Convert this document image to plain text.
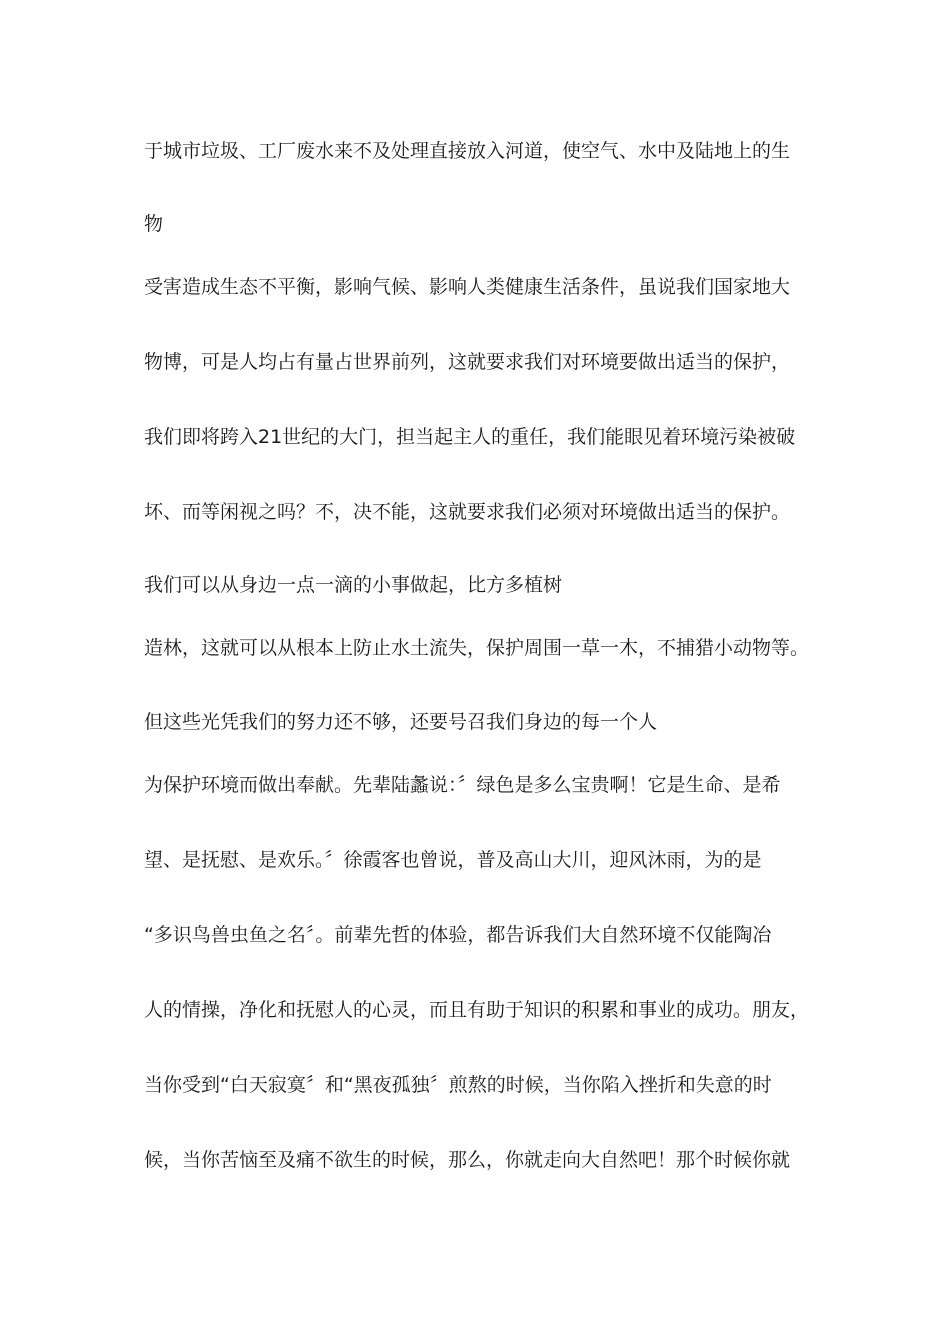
于城市垃圾、工厂废水来不及处理直接放入河道，使空气、水中及陆地上的生

物

受害造成生态不平衡，影响气候、影响人类健康生活条件，虽说我们国家地大

物博，可是人均占有量占世界前列，这就要求我们对环境要做出适当的保护，

我们即将跨入21世纪的大门，担当起主人的重任，我们能眼见着环境污染被破

坏、而等闲视之吗？不，决不能，这就要求我们必须对环境做出适当的保护。

我们可以从身边一点一滴的小事做起，比方多植树

造林，这就可以从根本上防止水土流失，保护周围一草一木，不捕猎小动物等。

但这些光凭我们的努力还不够，还要号召我们身边的每一个人

为保护环境而做出奉献。先辈陆蠡说：〞绿色是多么宝贵啊！它是生命、是希

望、是抚慰、是欢乐。〞徐霞客也曾说，普及高山大川，迎风沐雨，为的是

“多识鸟兽虫鱼之名〞。前辈先哲的体验，都告诉我们大自然环境不仅能陶冶

人的情操，净化和抚慰人的心灵，而且有助于知识的积累和事业的成功。朋友，

当你受到“白天寂寞〞和“黑夜孤独〞煎熬的时候，当你陷入挫折和失意的时

候，当你苦恼至及痛不欲生的时候，那么，你就走向大自然吧！那个时候你就
